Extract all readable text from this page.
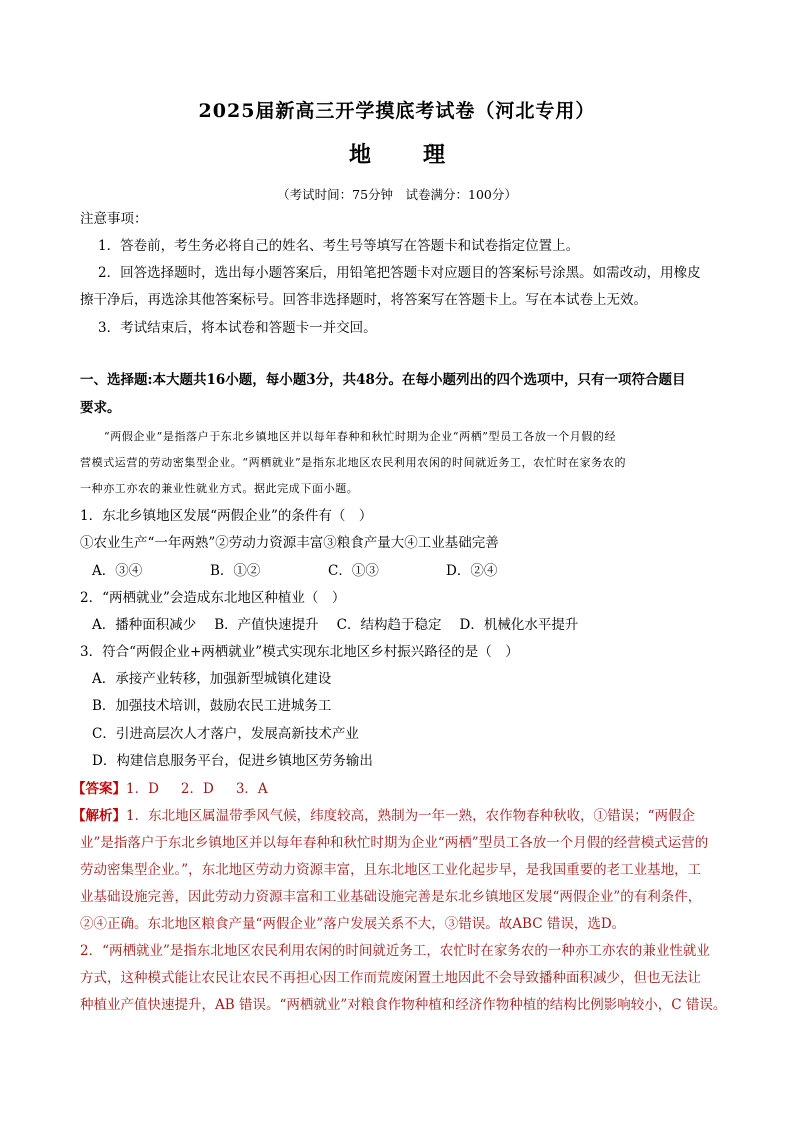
2025届新高三开学摸底考试卷（河北专用）
地 理
（考试时间：75分钟　试卷满分：100分）
注意事项：
1．答卷前，考生务必将自己的姓名、考生号等填写在答题卡和试卷指定位置上。
2．回答选择题时，选出每小题答案后，用铅笔把答题卡对应题目的答案标号涂黑。如需改动，用橡皮
擦干净后，再选涂其他答案标号。回答非选择题时，将答案写在答题卡上。写在本试卷上无效。
3．考试结束后，将本试卷和答题卡一并交回。
一、选择题:本大题共16小题，每小题3分，共48分。在每小题列出的四个选项中，只有一项符合题目
要求。
“两假企业”是指落户于东北乡镇地区并以每年春种和秋忙时期为企业“两栖”型员工各放一个月假的经
营模式运营的劳动密集型企业。“两栖就业”是指东北地区农民利用农闲的时间就近务工，农忙时在家务农的
一种亦工亦农的兼业性就业方式。据此完成下面小题。
1．东北乡镇地区发展“两假企业”的条件有（　）
①农业生产“一年两熟”②劳动力资源丰富③粮食产量大④工业基础完善
A．③④	B．①②	C．①③	D．②④
2．“两栖就业”会造成东北地区种植业（　）
A．播种面积减少 B．产值快速提升 C．结构趋于稳定 D．机械化水平提升
3．符合“两假企业+两栖就业”模式实现东北地区乡村振兴路径的是（　）
A．承接产业转移，加强新型城镇化建设
B．加强技术培训，鼓励农民工进城务工
C．引进高层次人才落户，发展高新技术产业
D．构建信息服务平台，促进乡镇地区劳务输出
【答案】1．D 2．D 3．A
【解析】1．东北地区属温带季风气候，纬度较高，熟制为一年一熟，农作物春种秋收，①错误；“两假企
业”是指落户于东北乡镇地区并以每年春种和秋忙时期为企业“两栖”型员工各放一个月假的经营模式运营的
劳动密集型企业。”，东北地区劳动力资源丰富，且东北地区工业化起步早，是我国重要的老工业基地，工
业基础设施完善，因此劳动力资源丰富和工业基础设施完善是东北乡镇地区发展“两假企业”的有利条件，
②④正确。东北地区粮食产量“两假企业”落户发展关系不大，③错误。故ABC 错误，选D。
2．“两栖就业”是指东北地区农民利用农闲的时间就近务工，农忙时在家务农的一种亦工亦农的兼业性就业
方式，这种模式能让农民让农民不再担心因工作而荒废闲置土地因此不会导致播种面积减少，但也无法让
种植业产值快速提升，AB 错误。“两栖就业”对粮食作物种植和经济作物种植的结构比例影响较小，C 错误。
